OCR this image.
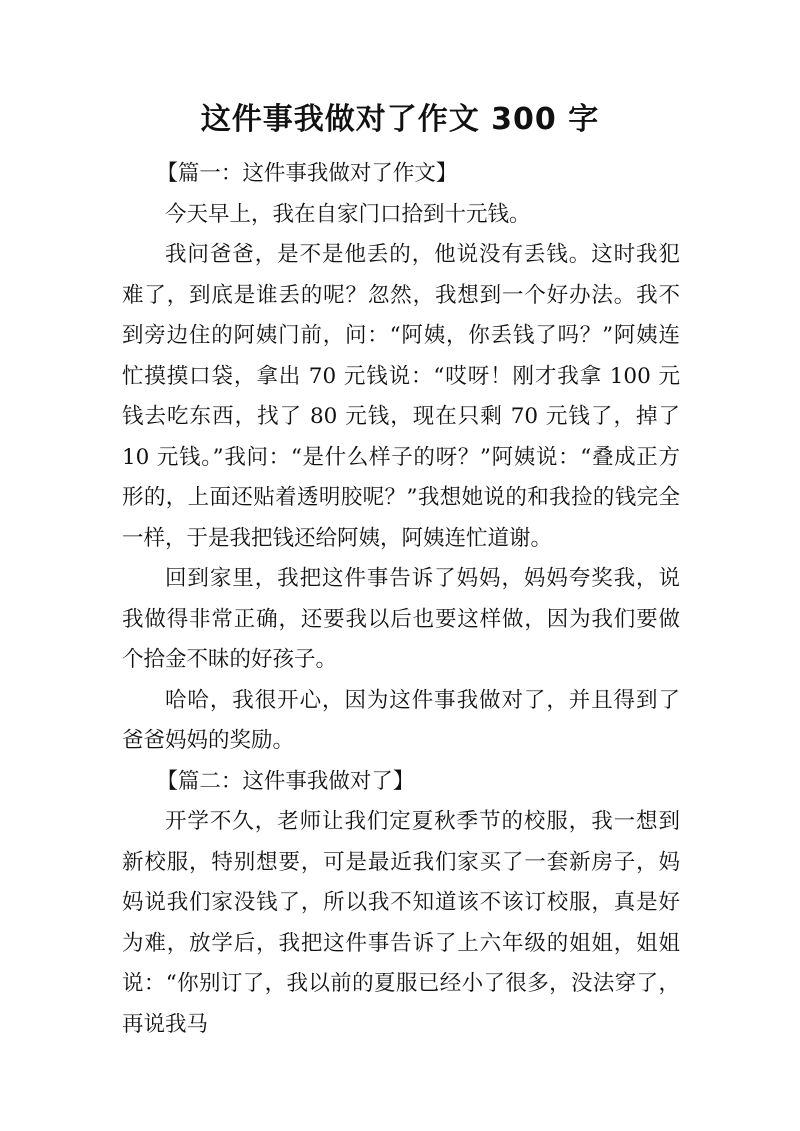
这件事我做对了作文 300 字

【篇一：这件事我做对了作文】

今天早上，我在自家门口拾到十元钱。

我问爸爸，是不是他丢的，他说没有丢钱。这时我犯难了，到底是谁丢的呢？忽然，我想到一个好办法。我不到旁边住的阿姨门前，问：“阿姨，你丢钱了吗？”阿姨连忙摸摸口袋，拿出 70 元钱说：“哎呀！刚才我拿 100 元钱去吃东西，找了 80 元钱，现在只剩 70 元钱了，掉了 10 元钱。”我问：“是什么样子的呀？”阿姨说：“叠成正方形的，上面还贴着透明胶呢？”我想她说的和我捡的钱完全一样，于是我把钱还给阿姨，阿姨连忙道谢。

回到家里，我把这件事告诉了妈妈，妈妈夸奖我，说我做得非常正确，还要我以后也要这样做，因为我们要做个拾金不昧的好孩子。

哈哈，我很开心，因为这件事我做对了，并且得到了爸爸妈妈的奖励。

【篇二：这件事我做对了】

开学不久，老师让我们定夏秋季节的校服，我一想到新校服，特别想要，可是最近我们家买了一套新房子，妈妈说我们家没钱了，所以我不知道该不该订校服，真是好为难，放学后，我把这件事告诉了上六年级的姐姐，姐姐说：“你别订了，我以前的夏服已经小了很多，没法穿了，再说我马
